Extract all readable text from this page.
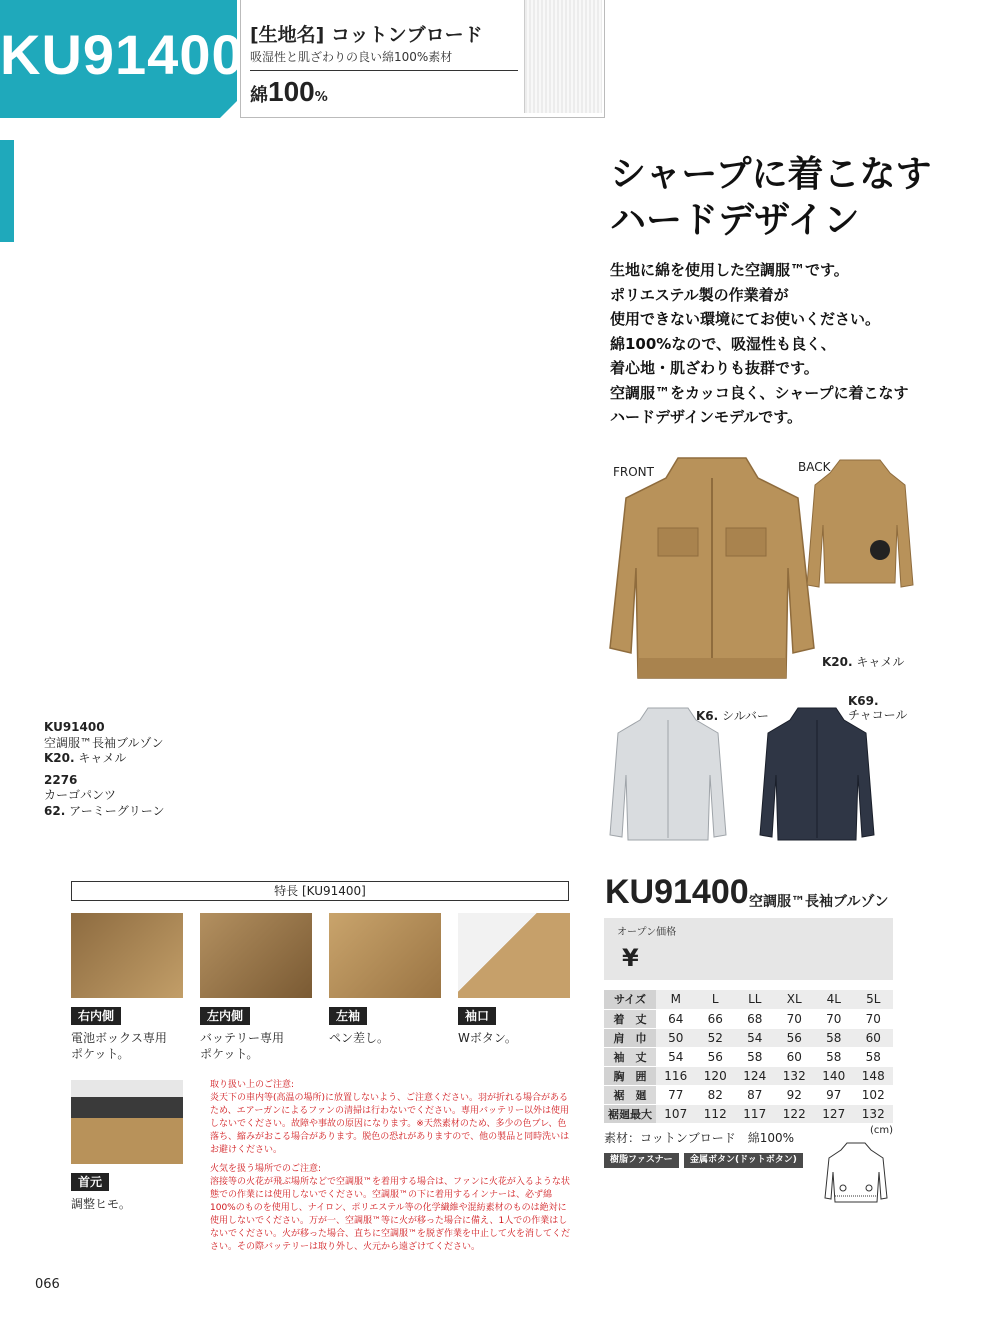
KU91400 [生地名] コットンブロード
吸湿性と肌ざわりの良い綿100%素材
綿100%
シャープに着こなす
ハードデザイン
生地に綿を使用した空調服™です。
ポリエステル製の作業着が
使用できない環境にてお使いください。
綿100%なので、吸湿性も良く、
着心地・肌ざわりも抜群です。
空調服™をカッコ良く、シャープに着こなす
ハードデザインモデルです。
FRONT	BACK
K20. キャメル
K6. シルバー
K69.
チャコール
KU91400
空調服™長袖ブルゾン
K20. キャメル
2276
カーゴパンツ
62. アーミーグリーン
特長 [KU91400]
右内側
電池ボックス専用
ポケット。
左内側
バッテリー専用
ポケット。
左袖
ペン差し。
袖口
Wボタン。
首元
調整ヒモ。
取り扱い上のご注意:
炎天下の車内等(高温の場所)に放置しないよう、ご注意ください。羽が折れる場合があるため、エアーガンによるファンの清掃は行わないでください。専用バッテリー以外は使用しないでください。故障や事故の原因になります。※天然素材のため、多少の色ブレ、色落ち、縮みがおこる場合があります。脱色の恐れがありますので、他の製品と同時洗いはお避けください。
火気を扱う場所でのご注意:
溶接等の火花が飛ぶ場所などで空調服™を着用する場合は、ファンに火花が入るような状態での作業には使用しないでください。空調服™の下に着用するインナーは、必ず綿100%のものを使用し、ナイロン、ポリエステル等の化学繊維や混紡素材のものは絶対に使用しないでください。万が一、空調服™等に火が移った場合に備え、1人での作業はしないでください。火が移った場合、直ちに空調服™を脱ぎ作業を中止して火を消してください。その際バッテリーは取り外し、火元から遠ざけてください。
KU91400 空調服™長袖ブルゾン
オープン価格
¥
サイズ	M	L	LL	XL	4L	5L
着　丈	64	66	68	70	70	70
肩　巾	50	52	54	56	58	60
袖　丈	54	56	58	60	58	58
胸　囲	116	120	124	132	140	148
裾　廻	77	82	87	92	97	102
裾廻最大	107	112	117	122	127	132
(cm)
素材：コットンブロード　綿100%
樹脂ファスナー	金属ボタン(ドットボタン)
066
